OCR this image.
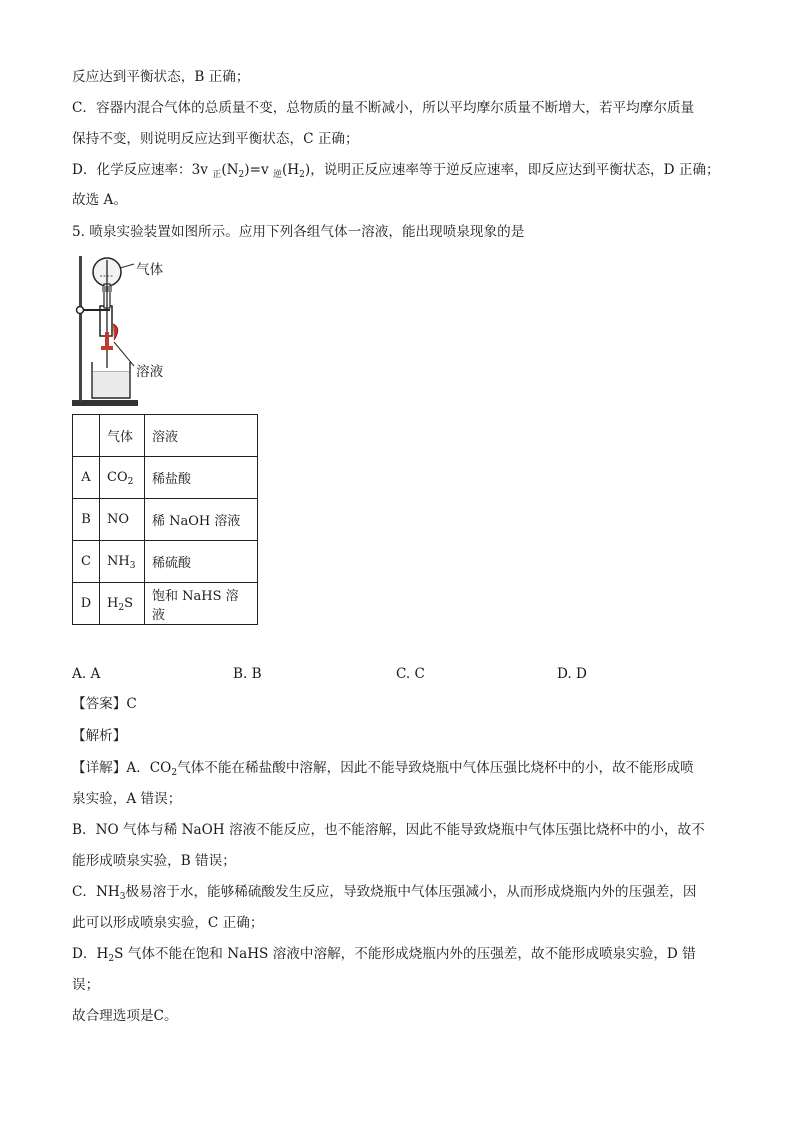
反应达到平衡状态，B 正确；
C．容器内混合气体的总质量不变，总物质的量不断减小，所以平均摩尔质量不断增大，若平均摩尔质量
保持不变，则说明反应达到平衡状态，C 正确；
D．化学反应速率：3v $_正(N_2)=v$ $_逆(H_2)$，说明正反应速率等于逆反应速率，即反应达到平衡状态，D 正确；
故选 A。
5. 喷泉实验装置如图所示。应用下列各组气体一溶液，能出现喷泉现象的是
气体
溶液
	气体	溶液
A	$CO_2$	稀盐酸
B	NO	稀 NaOH 溶液
C	$NH_3$	稀硫酸
D	$H_2S$	饱和 NaHS 溶液
A. A	B. B	C. C	D. D
【答案】C
【解析】
【详解】A．$CO_2$气体不能在稀盐酸中溶解，因此不能导致烧瓶中气体压强比烧杯中的小，故不能形成喷
泉实验，A 错误；
B．NO 气体与稀 NaOH 溶液不能反应，也不能溶解，因此不能导致烧瓶中气体压强比烧杯中的小，故不
能形成喷泉实验，B 错误；
C．$NH_3$极易溶于水，能够稀硫酸发生反应，导致烧瓶中气体压强减小，从而形成烧瓶内外的压强差，因
此可以形成喷泉实验，C 正确；
D．$H_2S$ 气体不能在饱和 NaHS 溶液中溶解，不能形成烧瓶内外的压强差，故不能形成喷泉实验，D 错
误；
故合理选项是C。
